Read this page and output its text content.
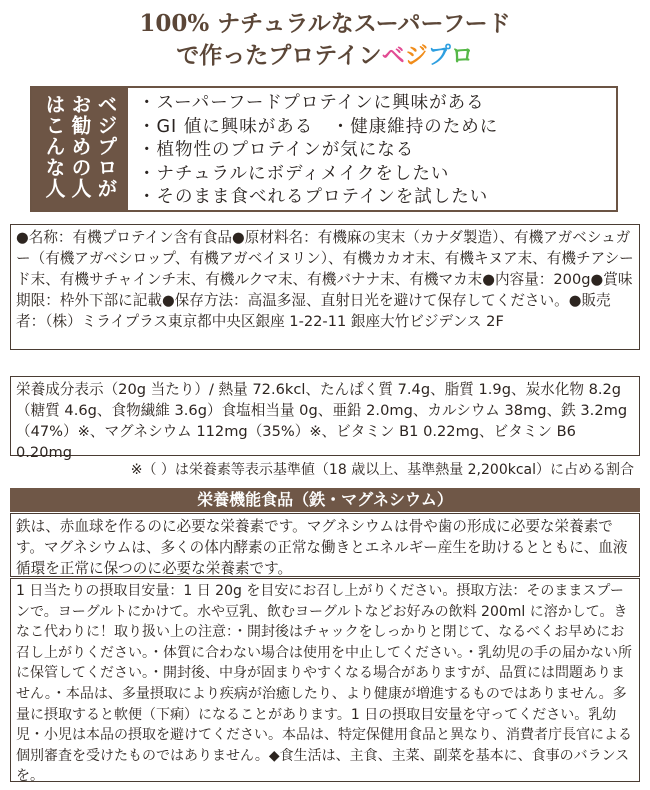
100% ナチュラルなスーパーフード
で作ったプロテインベジプロ
ベジプロが
お勧めの人
はこんな人	・スーパーフードプロテインに興味がある
・GI 値に興味がある　・健康維持のために
・植物性のプロテインが気になる
・ナチュラルにボディメイクをしたい
・そのまま食べれるプロテインを試したい

●名称：有機プロテイン含有食品●原材料名：有機麻の実末（カナダ製造）、有機アガベシュガー（有機アガベシロップ、有機アガベイヌリン）、有機カカオ末、有機キヌア末、有機チアシード末、有機サチャインチ末、有機ルクマ末、有機バナナ末、有機マカ末●内容量：200g●賞味期限：枠外下部に記載●保存方法：高温多湿、直射日光を避けて保存してください。●販売者：（株）ミライプラス東京都中央区銀座 1-22-11 銀座大竹ビジデンス 2F

栄養成分表示（20g 当たり）/ 熱量 72.6kcl、たんぱく質 7.4g、脂質 1.9g、炭水化物 8.2g（糖質 4.6g、食物繊維 3.6g）食塩相当量 0g、亜鉛 2.0mg、カルシウム 38mg、鉄 3.2mg（47%）※、マグネシウム 112mg（35%）※、ビタミン B1 0.22mg、ビタミン B6 0.20mg

※（ ）は栄養素等表示基準値（18 歳以上、基準熱量 2,200kcal）に占める割合
栄養機能食品（鉄・マグネシウム）

鉄は、赤血球を作るのに必要な栄養素です。マグネシウムは骨や歯の形成に必要な栄養素です。マグネシウムは、多くの体内酵素の正常な働きとエネルギー産生を助けるとともに、血液循環を正常に保つのに必要な栄養素です。

1 日当たりの摂取目安量：1 日 20g を目安にお召し上がりください。摂取方法：そのままスプーンで。ヨーグルトにかけて。水や豆乳、飲むヨーグルトなどお好みの飲料 200ml に溶かして。きなこ代わりに！取り扱い上の注意：・開封後はチャックをしっかりと閉じて、なるべくお早めにお召し上がりください。・体質に合わない場合は使用を中止してください。・乳幼児の手の届かない所に保管してください。・開封後、中身が固まりやすくなる場合がありますが、品質には問題ありません。・本品は、多量摂取により疾病が治癒したり、より健康が増進するものではありません。多量に摂取すると軟便（下痢）になることがあります。1 日の摂取目安量を守ってください。乳幼児・小児は本品の摂取を避けてください。本品は、特定保健用食品と異なり、消費者庁長官による個別審査を受けたものではありません。◆食生活は、主食、主菜、副菜を基本に、食事のバランスを。
